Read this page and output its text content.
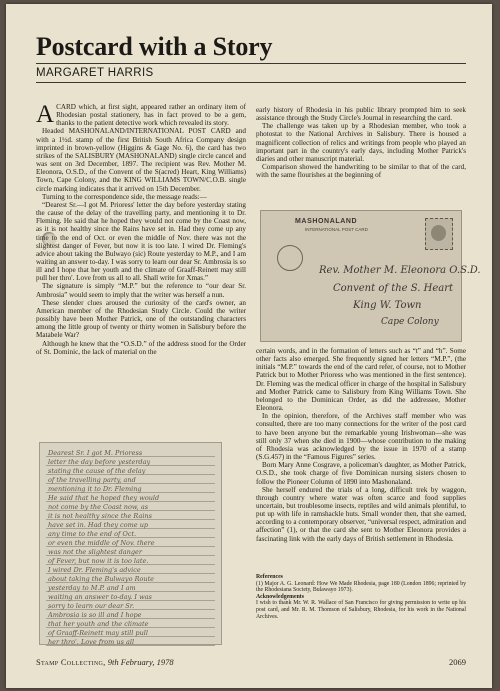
Postcard with a Story
MARGARET HARRIS

ACARD which, at first sight, appeared rather an ordinary item of Rhodesian postal stationery, has in fact proved to be a gem, thanks to the patient detective work which revealed its story.

Headed MASHONALAND/INTERNATIONAL POST CARD and with a 1½d. stamp of the first British South Africa Company design imprinted in brown-yellow (Higgins & Gage No. 6), the card has two strikes of the SALISBURY (MASHONALAND) single circle cancel and was sent on 3rd December, 1897. The recipient was Rev. Mother M. Eleonora, O.S.D., of the Convent of the S(acred) Heart, King Williams) Town, Cape Colony, and the KING WILLIAMS TOWN/C.O.B. single circle marking indicates that it arrived on 15th December.

Turning to the correspondence side, the message reads:—

“Dearest Sr.—I got M. Prioress' letter the day before yesterday stating the cause of the delay of the travelling party, and mentioning it to Dr. Fleming. He said that he hoped they would not come by the Coast now, as it is not healthy since the Rains have set in. Had they come up any time to the end of Oct. or even the middle of Nov. there was not the slightest danger of Fever, but now it is too late. I wired Dr. Fleming's advice about taking the Bulwayo (sic) Route yesterday to M.P., and I am waiting an answer to-day. I was sorry to learn our dear Sr. Ambrosia is so ill and I hope that her youth and the climate of Graaff-Reinett may still pull her thro'. Love from us all to all. Shall write for Xmas.”

The signature is simply “M.P.” but the reference to “our dear Sr. Ambrosia” would seem to imply that the writer was herself a nun.

These slender clues aroused the curiosity of the card's owner, an American member of the Rhodesian Study Circle. Could the writer possibly have been Mother Patrick, one of the outstanding characters among the little group of twenty or thirty women in Salisbury before the Matabele War?

Although he knew that the “O.S.D.” of the address stood for the Order of St. Dominic, the lack of material on the

early history of Rhodesia in his public library prompted him to seek assistance through the Study Circle's Journal in researching the card.

The challenge was taken up by a Rhodesian member, who took a photostat to the National Archives in Salisbury. There is housed a magnificent collection of relics and writings from people who played an important part in the country's early days, including Mother Patrick's diaries and other manuscript material.

Comparison showed the handwriting to be similar to that of the card, with the same flourishes at the beginning of

MASHONALAND
INTERNATIONAL POST CARD
Rev. Mother M. Eleonora O.S.D.
Convent of the S. Heart
King W. Town
Cape Colony

certain words, and in the formation of letters such as “t” and “h”. Some other facts also emerged. She frequently signed her letters “M.P.”, (the initials “M.P.” towards the end of the card refer, of course, not to Mother Patrick but to Mother Prioress who was mentioned in the first sentence). Dr. Fleming was the medical officer in charge of the hospital in Salisbury and Mother Patrick came to Salisbury from King Williams Town. She belonged to the Dominican Order, as did the addressee, Mother Eleonora.

In the opinion, therefore, of the Archives staff member who was consulted, there are too many connections for the writer of the post card to have been anyone but the remarkable young Irishwoman—she was still only 37 when she died in 1900—whose contribution to the making of Rhodesia was acknowledged by the issue in 1970 of a stamp (S.G.457) in the “Famous Figures” series.

Born Mary Anne Cosgrave, a policeman's daughter, as Mother Patrick, O.S.D., she took charge of five Dominican nursing sisters chosen to follow the Pioneer Column of 1890 into Mashonaland.

She herself endured the trials of a long, difficult trek by waggon, through country where water was often scarce and food supplies uncertain, but troublesome insects, reptiles and wild animals plentiful, to put up with life in ramshackle huts. Small wonder then, that she earned, according to a contemporary observer, “universal respect, admiration and affection” (1), or that the card she sent to Mother Eleonora provides a fascinating link with the early days of British settlement in Rhodesia.

References
(1) Major A. G. Leonard: How We Made Rhodesia, page 180 (London 1896; reprinted by the Rhodesiana Society, Bulawayo 1973).
Acknowledgements
I wish to thank Mr. W. R. Wallace of San Francisco for giving permission to write up his post card, and Mr. R. M. Thomson of Salisbury, Rhodesia, for his work in the National Archives.
Dearest Sr. I got M. Prioress
letter the day before yesterday
stating the cause of the delay
of the travelling party, and
mentioning it to Dr. Fleming
He said that he hoped they would
not come by the Coast now, as
it is not healthy since the Rains
have set in. Had they come up
any time to the end of Oct.
or even the middle of Nov. there
was not the slightest danger
of Fever, but now it is too late.
I wired Dr. Fleming's advice
about taking the Bulwayo Route
yesterday to M.P. and I am
waiting an answer to-day. I was
sorry to learn our dear Sr.
Ambrosia is so ill and I hope
that her youth and the climate
of Graaff-Reinett may still pull
her thro'. Love from us all
Stamp Collecting, 9th February, 1978	2069
